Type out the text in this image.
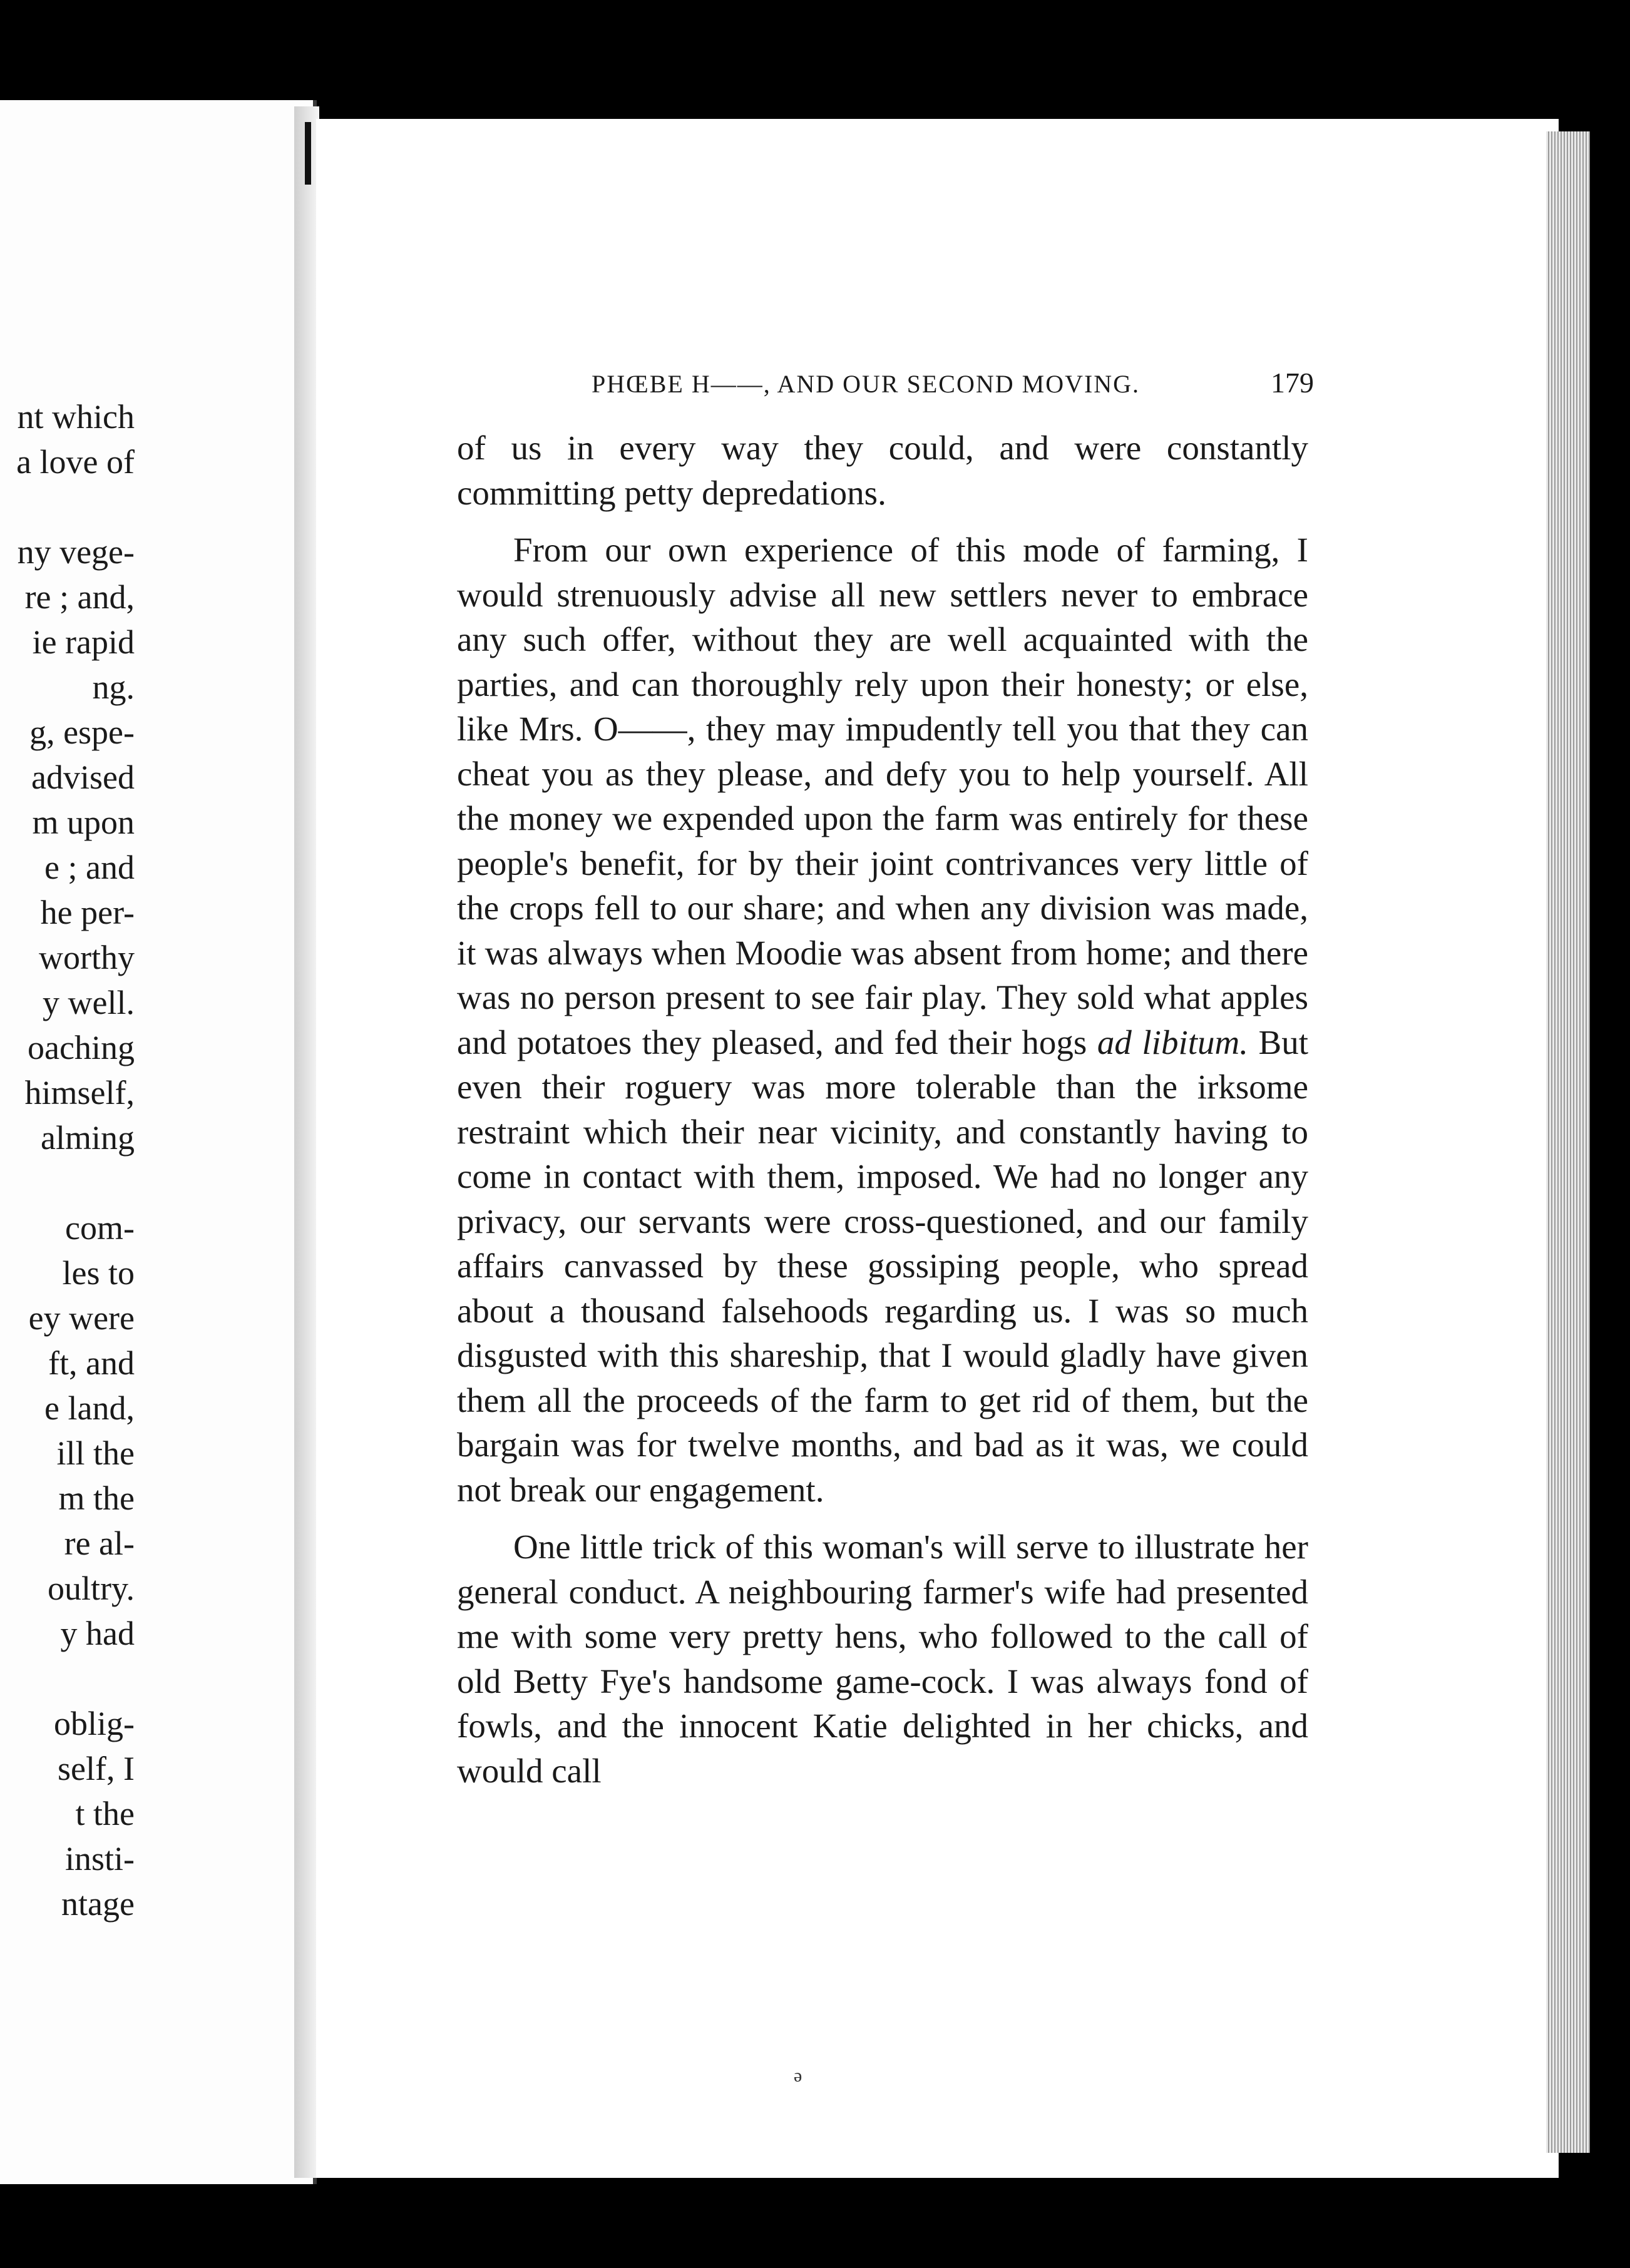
nt which
a love of
ny vege-
re ; and,
ie rapid
ng.
g, espe-
advised
m upon
e ; and
he per-
worthy
y well.
oaching
himself,
alming
com-
les to
ey were
ft, and
e land,
ill the
m the
re al-
oultry.
y had
oblig-
self, I
t the
insti-
ntage
PHŒBE H——, AND OUR SECOND MOVING.	179

of us in every way they could, and were constantly committing petty depredations.

From our own experience of this mode of farming, I would strenuously advise all new settlers never to embrace any such offer, without they are well acquainted with the parties, and can thoroughly rely upon their honesty; or else, like Mrs. O——, they may impudently tell you that they can cheat you as they please, and defy you to help yourself. All the money we expended upon the farm was entirely for these people's benefit, for by their joint contrivances very little of the crops fell to our share; and when any division was made, it was always when Moodie was absent from home; and there was no person present to see fair play. They sold what apples and potatoes they pleased, and fed their hogs ad libitum. But even their roguery was more tolerable than the irksome restraint which their near vicinity, and constantly having to come in contact with them, imposed. We had no longer any privacy, our servants were cross-questioned, and our family affairs canvassed by these gossiping people, who spread about a thousand falsehoods regarding us. I was so much disgusted with this shareship, that I would gladly have given them all the proceeds of the farm to get rid of them, but the bargain was for twelve months, and bad as it was, we could not break our engagement.

One little trick of this woman's will serve to illustrate her general conduct. A neighbouring farmer's wife had presented me with some very pretty hens, who followed to the call of old Betty Fye's handsome game-cock. I was always fond of fowls, and the innocent Katie delighted in her chicks, and would call

ə
